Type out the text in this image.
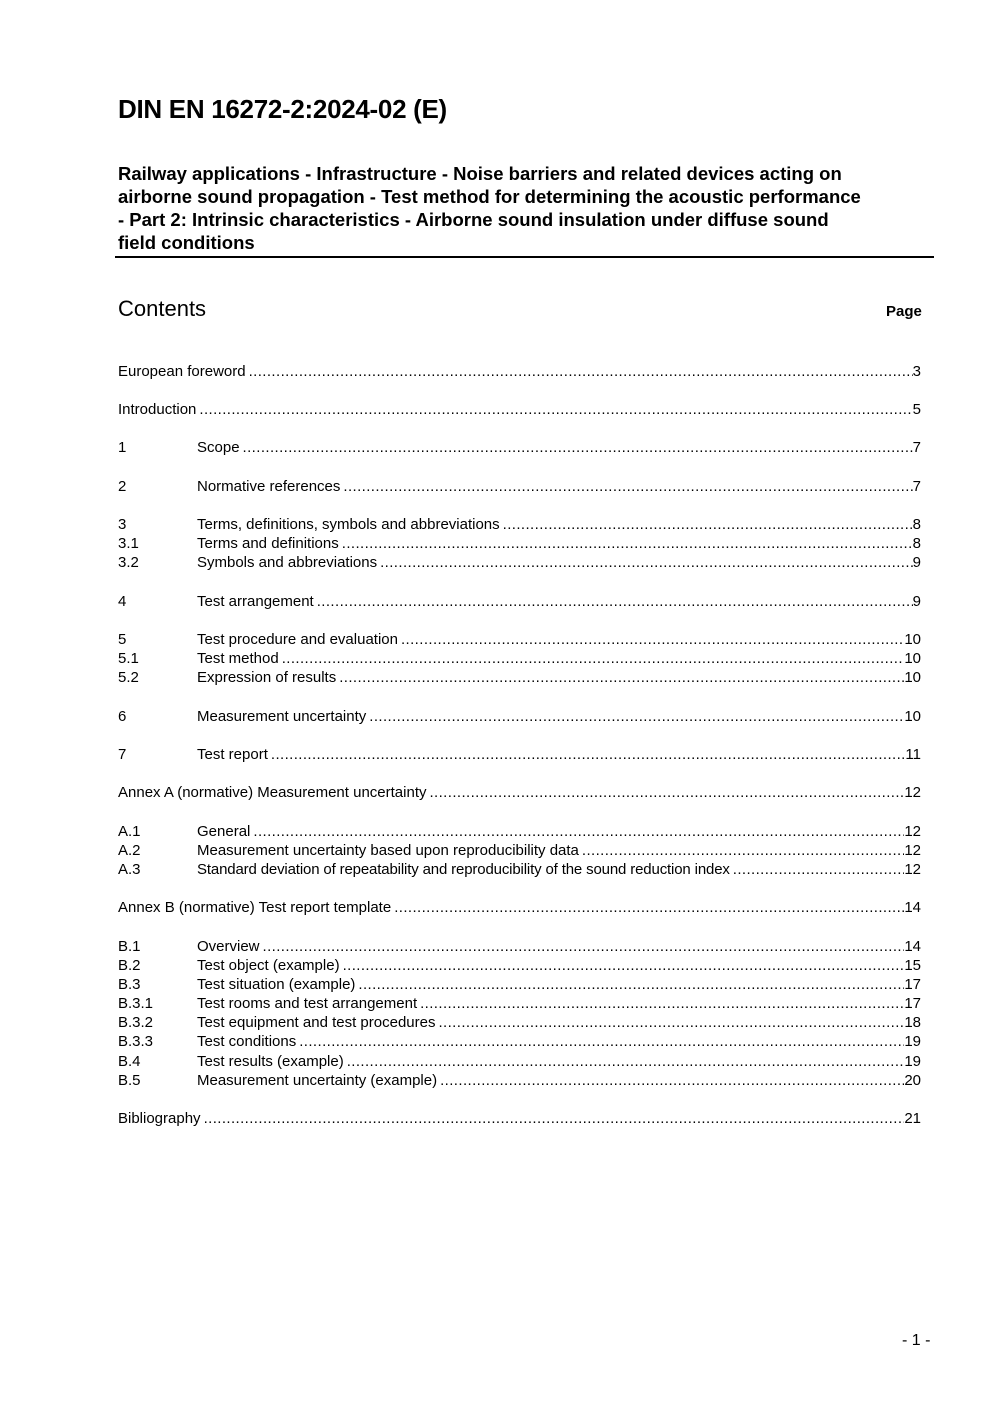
DIN EN 16272-2:2024-02 (E)
Railway applications - Infrastructure - Noise barriers and related devices acting on
airborne sound propagation - Test method for determining the acoustic performance
- Part 2: Intrinsic characteristics - Airborne sound insulation under diffuse sound
field conditions
Contents	Page
European foreword .....	3
Introduction .....	5
1	Scope .....	7
2	Normative references .....	7
3	Terms, definitions, symbols and abbreviations .....	8
3.1	Terms and definitions .....	8
3.2	Symbols and abbreviations .....	9
4	Test arrangement .....	9
5	Test procedure and evaluation .....	10
5.1	Test method .....	10
5.2	Expression of results .....	10
6	Measurement uncertainty .....	10
7	Test report .....	11
Annex A (normative) Measurement uncertainty .....	12
A.1	General .....	12
A.2	Measurement uncertainty based upon reproducibility data .....	12
A.3	Standard deviation of repeatability and reproducibility of the sound reduction index .....	12
Annex B (normative) Test report template .....	14
B.1	Overview .....	14
B.2	Test object (example) .....	15
B.3	Test situation (example) .....	17
B.3.1	Test rooms and test arrangement .....	17
B.3.2	Test equipment and test procedures .....	18
B.3.3	Test conditions .....	19
B.4	Test results (example) .....	19
B.5	Measurement uncertainty (example) .....	20
Bibliography .....	21
- 1 -
